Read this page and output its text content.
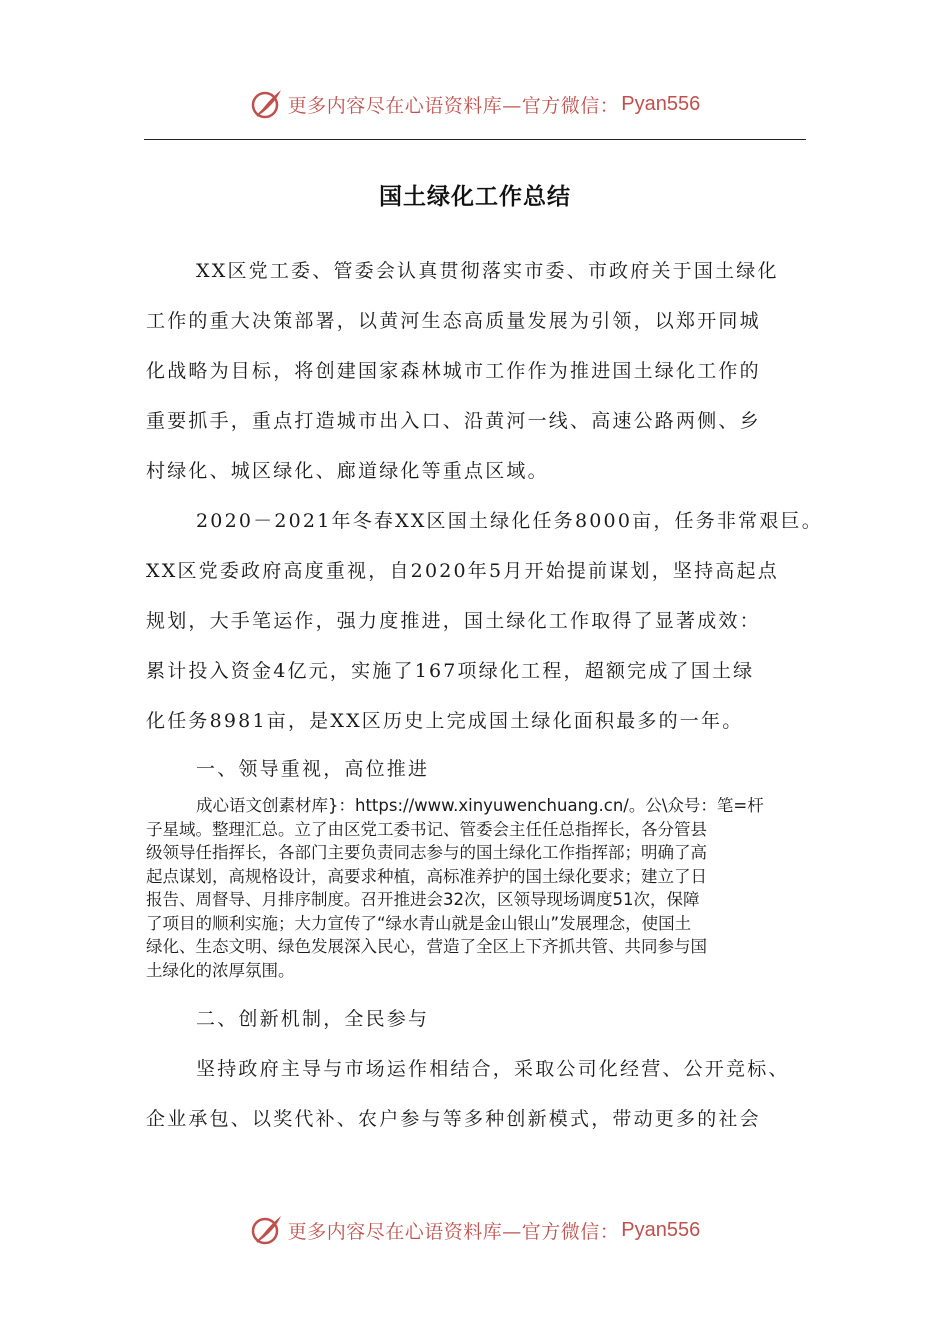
更多内容尽在心语资料库—官方微信： Pyan556
国土绿化工作总结
XX区党工委、管委会认真贯彻落实市委、市政府关于国土绿化
工作的重大决策部署，以黄河生态高质量发展为引领，以郑开同城
化战略为目标，将创建国家森林城市工作作为推进国土绿化工作的
重要抓手，重点打造城市出入口、沿黄河一线、高速公路两侧、乡
村绿化、城区绿化、廊道绿化等重点区域。
2020－2021年冬春XX区国土绿化任务8000亩，任务非常艰巨。
XX区党委政府高度重视，自2020年5月开始提前谋划，坚持高起点
规划，大手笔运作，强力度推进，国土绿化工作取得了显著成效：
累计投入资金4亿元，实施了167项绿化工程，超额完成了国土绿
化任务8981亩，是XX区历史上完成国土绿化面积最多的一年。
一、领导重视，高位推进
成心语文创素材库}：https://www.xinyuwenchuang.cn/。公\众号：笔=杆
子星域。整理汇总。立了由区党工委书记、管委会主任任总指挥长，各分管县
级领导任指挥长，各部门主要负责同志参与的国土绿化工作指挥部；明确了高
起点谋划，高规格设计，高要求种植，高标准养护的国土绿化要求；建立了日
报告、周督导、月排序制度。召开推进会32次，区领导现场调度51次，保障
了项目的顺利实施；大力宣传了“绿水青山就是金山银山”发展理念，使国土
绿化、生态文明、绿色发展深入民心，营造了全区上下齐抓共管、共同参与国
土绿化的浓厚氛围。
二、创新机制，全民参与
坚持政府主导与市场运作相结合，采取公司化经营、公开竞标、
企业承包、以奖代补、农户参与等多种创新模式，带动更多的社会
更多内容尽在心语资料库—官方微信： Pyan556
